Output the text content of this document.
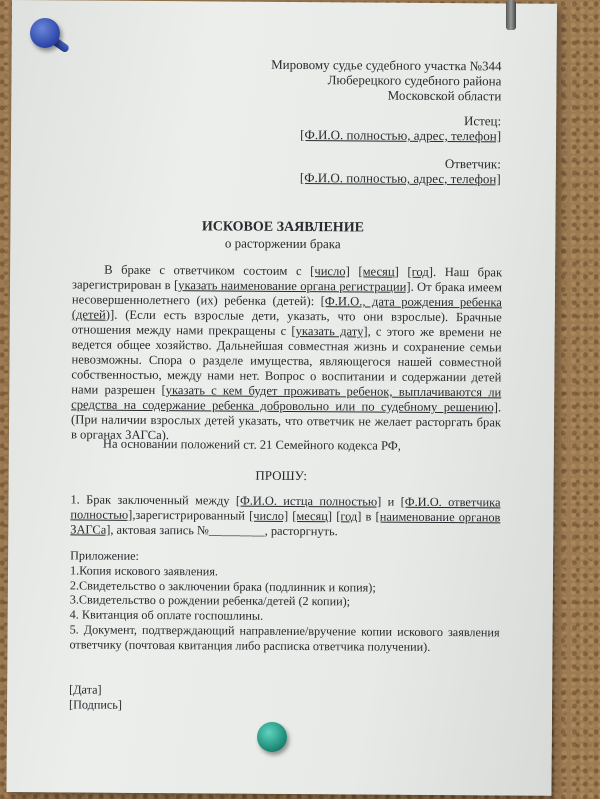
Мировому судье судебного участка №344
Люберецкого судебного района
Московской области
Истец:
[Ф.И.О. полностью, адрес, телефон]
Ответчик:
[Ф.И.О. полностью, адрес, телефон]
ИСКОВОЕ ЗАЯВЛЕНИЕ
о расторжении брака
В браке с ответчиком состоим с [число] [месяц] [год]. Наш брак зарегистрирован в [указать наименование органа регистрации]. От брака имеем несовершеннолетнего (их) ребенка (детей): [Ф.И.О., дата рождения ребенка (детей)]. (Если есть взрослые дети, указать, что они взрослые). Брачные отношения между нами прекращены с [указать дату], с этого же времени не ведется общее хозяйство. Дальнейшая совместная жизнь и сохранение семьи невозможны. Спора о разделе имущества, являющегося нашей совместной собственностью, между нами нет. Вопрос о воспитании и содержании детей нами разрешен [указать с кем будет проживать ребенок, выплачиваются ли средства на содержание ребенка добровольно или по судебному решению]. (При наличии взрослых детей указать, что ответчик не желает расторгать брак в органах ЗАГСа).
На основании положений ст. 21 Семейного кодекса РФ,
ПРОШУ:
1. Брак заключенный между [Ф.И.О. истца полностью] и [Ф.И.О. ответчика полностью],зарегистрированный [число] [месяц] [год] в [наименование органов ЗАГСа], актовая запись №_________, расторгнуть.
Приложение:
1.Копия искового заявления.
2.Свидетельство о заключении брака (подлинник и копия);
3.Свидетельство о рождении ребенка/детей (2 копии);
4. Квитанция об оплате госпошлины.
5. Документ, подтверждающий направление/вручение копии искового заявления ответчику (почтовая квитанция либо расписка ответчика получении).
[Дата]
[Подпись]
